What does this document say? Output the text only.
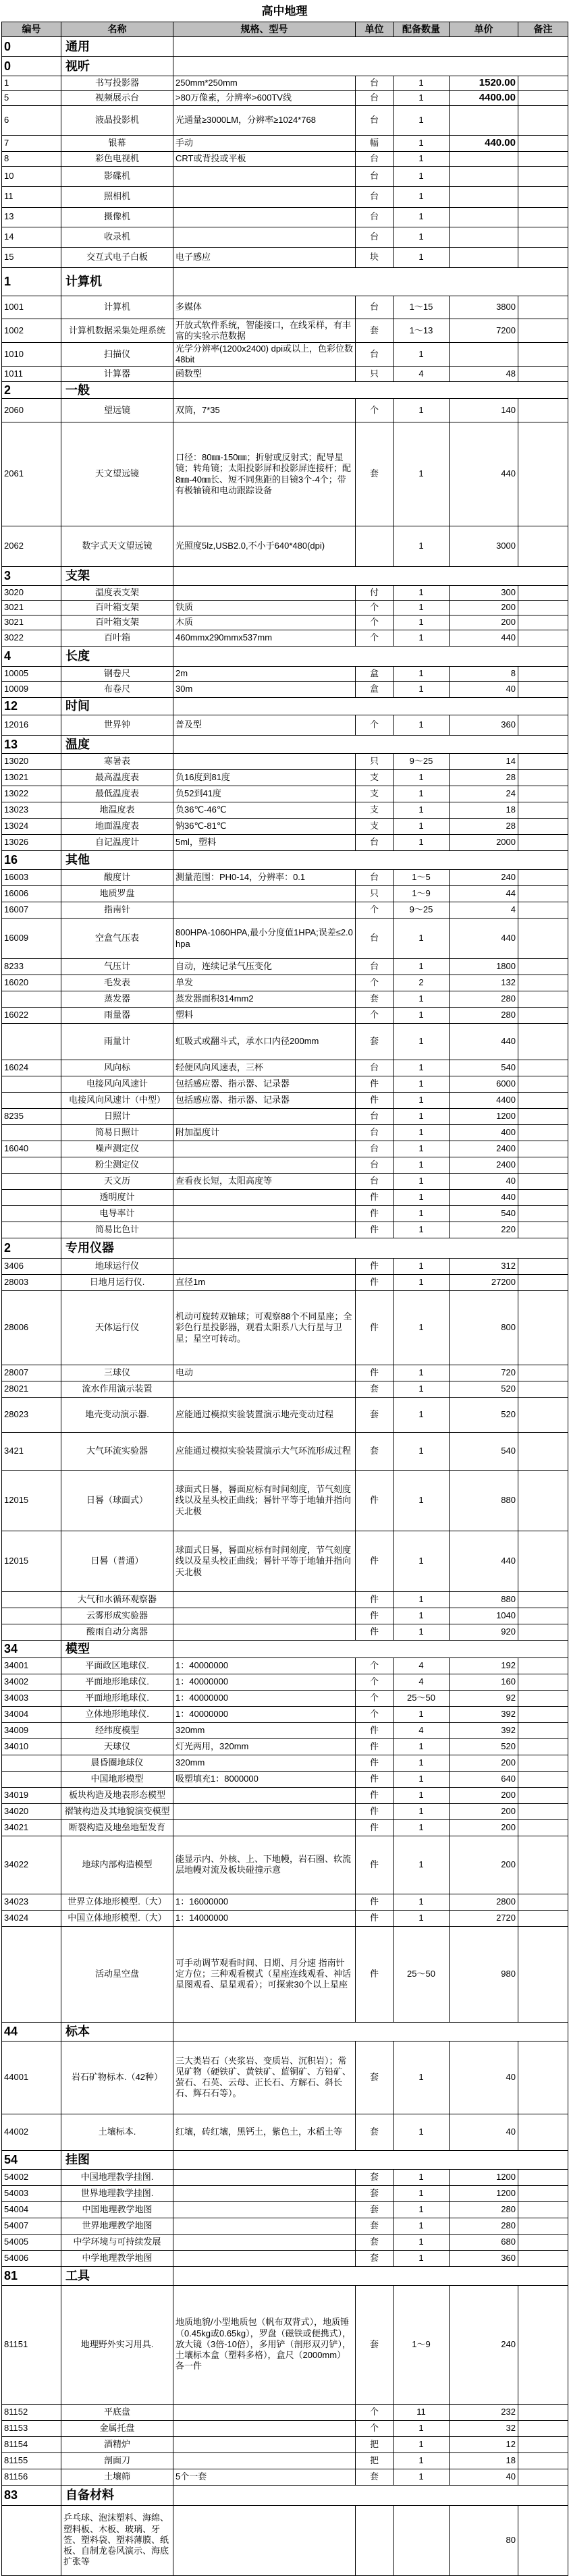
高中地理
编号	名称	规格、型号	单位	配备数量	单价	备注
0	通用					
0	视听					
1	书写投影器	250mm*250mm	台	1	1520.00	
5	视频展示台	>80万像素，分辨率>600TV线	台	1	4400.00	
6	液晶投影机	光通量≥3000LM，分辨率≥1024*768	台	1		
7	银幕	手动	幅	1	440.00	
8	彩色电视机	CRT或背投或平板	台	1		
10	影碟机		台	1		
11	照相机		台	1		
13	摄像机		台	1		
14	收录机		台	1		
15	交互式电子白板	电子感应	块	1		
1	计算机					
1001	计算机	多媒体	台	1～15	3800	
1002	计算机数据采集处理系统	开放式软件系统，智能接口，在线采样，有丰富的实验示范数据	套	1～13	7200	
1010	扫描仪	光学分辨率(1200x2400) dpi或以上，色彩位数48bit	台	1		
1011	计算器	函数型	只	4	48	
2	一般					
2060	望远镜	双筒，7*35	个	1	140	
2061	天文望远镜	口径：80㎜-150㎜；折射或反射式；配导星镜；转角镜；太阳投影屏和投影屏连接杆；配8㎜-40㎜长、短不同焦距的目镜3个-4个；带有极轴镜和电动跟踪设备	套	1	440	
2062	数字式天文望远镜	光照度5lz,USB2.0,不小于640*480(dpi)		1	3000	
3	支架					
3020	温度表支架		付	1	300	
3021	百叶箱支架	铁质	个	1	200	
3021	百叶箱支架	木质	个	1	200	
3022	百叶箱	460mmx290mmx537mm	个	1	440	
4	长度					
10005	钢卷尺	2m	盒	1	8	
10009	布卷尺	30m	盒	1	40	
12	时间					
12016	世界钟	普及型	个	1	360	
13	温度					
13020	寒暑表		只	9～25	14	
13021	最高温度表	负16度到81度	支	1	28	
13022	最低温度表	负52到41度	支	1	24	
13023	地温度表	负36℃-46℃	支	1	18	
13024	地面温度表	钠36℃-81℃	支	1	28	
13026	自记温度计	5ml，塑料	台	1	2000	
16	其他					
16003	酸度计	测量范围：PH0-14，分辨率：0.1	台	1～5	240	
16006	地质罗盘		只	1～9	44	
16007	指南针		个	9～25	4	
16009	空盒气压表	800HPA-1060HPA,最小分度值1HPA;误差≤2.0hpa	台	1	440	
8233	气压计	自动，连续记录气压变化	台	1	1800	
16020	毛发表	单发	个	2	132	
	蒸发器	蒸发器面积314mm2	套	1	280	
16022	雨量器	塑料	个	1	280	
	雨量计	虹吸式或翻斗式，承水口内径200mm	套	1	440	
16024	风向标	轻便风向风速表，三杯	台	1	540	
	电接风向风速计	包括感应器、指示器、记录器	件	1	6000	
	电接风向风速计（中型）	包括感应器、指示器、记录器	件	1	4400	
8235	日照计		台	1	1200	
	简易日照计	附加温度计	台	1	400	
16040	噪声测定仪		台	1	2400	
	粉尘测定仪		台	1	2400	
	天文历	查看夜长短，太阳高度等	台	1	40	
	透明度计		件	1	440	
	电导率计		件	1	540	
	简易比色计		件	1	220	
2	专用仪器					
3406	地球运行仪		件	1	312	
28003	日地月运行仪.	直径1m	件	1	27200	
28006	天体运行仪	机动可旋转双轴球；可观察88个不同星座；全彩色行星投影器，观看太阳系八大行星与卫星；星空可转动。	件	1	800	
28007	三球仪	电动	件	1	720	
28021	流水作用演示装置		套	1	520	
28023	地壳变动演示器.	应能通过模拟实验装置演示地壳变动过程	套	1	520	
3421	大气环流实验器	应能通过模拟实验装置演示大气环流形成过程	套	1	540	
12015	日晷（球面式）	球面式日晷，晷面应标有时间刻度，节气刻度线以及星头校正曲线；晷针平等于地轴并指向天北极	件	1	880	
12015	日晷（普通）	球面式日晷，晷面应标有时间刻度，节气刻度线以及星头校正曲线；晷针平等于地轴并指向天北极	件	1	440	
	大气和水循环观察器		件	1	880	
	云雾形成实验器		件	1	1040	
	酸雨自动分离器		件	1	920	
34	模型					
34001	平面政区地球仪.	1：40000000	个	4	192	
34002	平面地形地球仪.	1：40000000	个	4	160	
34003	平面地形地球仪.	1：40000000	个	25～50	92	
34004	立体地形地球仪.	1：40000000	个	1	392	
34009	经纬度模型	320mm	件	4	392	
34010	天球仪	灯光两用，320mm	件	1	520	
	晨昏圈地球仪	320mm	件	1	200	
	中国地形模型	吸塑填充1：8000000	件	1	640	
34019	板块构造及地表形态模型		件	1	200	
34020	褶皱构造及其地貌演变模型		件	1	200	
34021	断裂构造及地垒地堑发育		件	1	200	
34022	地球内部构造模型	能显示内、外核、上、下地幔，岩石圈、软流层地幔对流及板块碰撞示意	件	1	200	
34023	世界立体地形模型.（大）	1：16000000	件	1	2800	
34024	中国立体地形模型.（大）	1：14000000	件	1	2720	
	活动星空盘	可手动调节观看时间、日期、月分速 指南针定方位；三种观看模式（星座连线观看、神话星图观看、星星观看）；可探索30个以上星座	件	25～50	980	
44	标本					
44001	岩石矿物标本.（42种）	三大类岩石（夹浆岩、变质岩、沉积岩）；常见矿物（硬铁矿、黄铁矿、蓝铜矿、方铅矿、萤石、石英、云母、正长石、方解石、斜长石、辉石石等）。	套	1	40	
44002	土壤标本.	红壤，砖红壤，黑钙土，紫色土，水稻土等	套	1	40	
54	挂图					
54002	中国地理教学挂图.		套	1	1200	
54003	世界地理教学挂图.		套	1	1200	
54004	中国地理教学地图		套	1	280	
54007	世界地理教学地图		套	1	280	
54005	中学环境与可持续发展		套	1	680	
54006	中学地理教学地图		套	1	360	
81	工具					
81151	地理野外实习用具.	地质地貌/小型地质包（帆布双背式），地质锤（0.45kg或0.65kg），罗盘（磁铁或便携式），放大镜（3倍-10倍），多用铲（剖形双刃铲），土壤标本盒（塑料多格），盒尺（2000mm）各一件	套	1～9	240	
81152	平底盘		个	11	232	
81153	金属托盘		个	1	32	
81154	酒精炉		把	1	12	
81155	剖面刀		把	1	18	
81156	土壤筛	5个一套	套	1	40	
83	自备材料					
	乒乓球、泡沫塑料、海绵、塑料板、木板、玻璃、牙签、塑料袋、塑料薄膜、纸板、自制龙卷风演示、海底扩张等				80	
